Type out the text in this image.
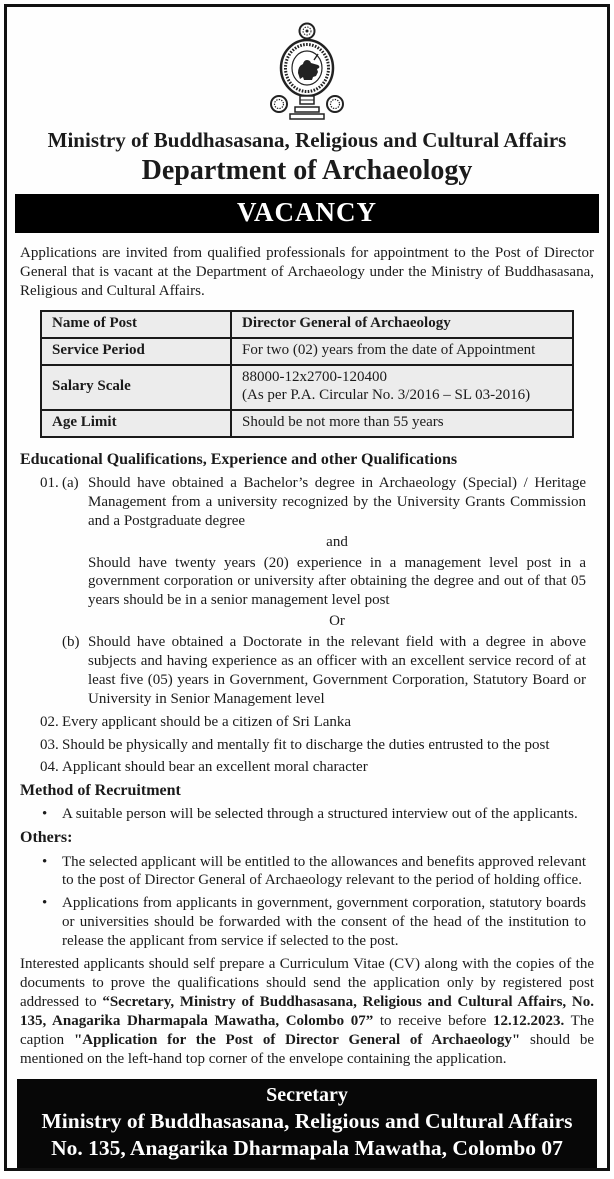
Ministry of Buddhasasana, Religious and Cultural Affairs
Department of Archaeology
VACANCY

Applications are invited from qualified professionals for appointment to the Post of Director General that is vacant at the Department of Archaeology under the Ministry of Buddhasasana, Religious and Cultural Affairs.

Name of Post	Director General of Archaeology
Service Period	For two (02) years from the date of Appointment
Salary Scale	88000-12x2700-120400
(As per P.A. Circular No. 3/2016 – SL 03-2016)

Age Limit	Should be not more than 55 years
Educational Qualifications, Experience and other Qualifications
01. (a) Should have obtained a Bachelor’s degree in Archaeology (Special) / Heritage Management from a university recognized by the University Grants Commission and a Postgraduate degree
and
Should have twenty years (20) experience in a management level post in a government corporation or university after obtaining the degree and out of that 05 years should be in a senior management level post
Or
(b) Should have obtained a Doctorate in the relevant field with a degree in above subjects and having experience as an officer with an excellent service record of at least five (05) years in Government, Government Corporation, Statutory Board or University in Senior Management level
02. Every applicant should be a citizen of Sri Lanka
03. Should be physically and mentally fit to discharge the duties entrusted to the post
04. Applicant should bear an excellent moral character
Method of Recruitment
• A suitable person will be selected through a structured interview out of the applicants.
Others:
• The selected applicant will be entitled to the allowances and benefits approved relevant to the post of Director General of Archaeology relevant to the period of holding office.
• Applications from applicants in government, government corporation, statutory boards or universities should be forwarded with the consent of the head of the institution to release the applicant from service if selected to the post.

Interested applicants should self prepare a Curriculum Vitae (CV) along with the copies of the documents to prove the qualifications should send the application only by registered post addressed to “Secretary, Ministry of Buddhasasana, Religious and Cultural Affairs, No. 135, Anagarika Dharmapala Mawatha, Colombo 07” to receive before 12.12.2023. The caption "Application for the Post of Director General of Archaeology" should be mentioned on the left-hand top corner of the envelope containing the application.

Secretary
Ministry of Buddhasasana, Religious and Cultural Affairs
No. 135, Anagarika Dharmapala Mawatha, Colombo 07
